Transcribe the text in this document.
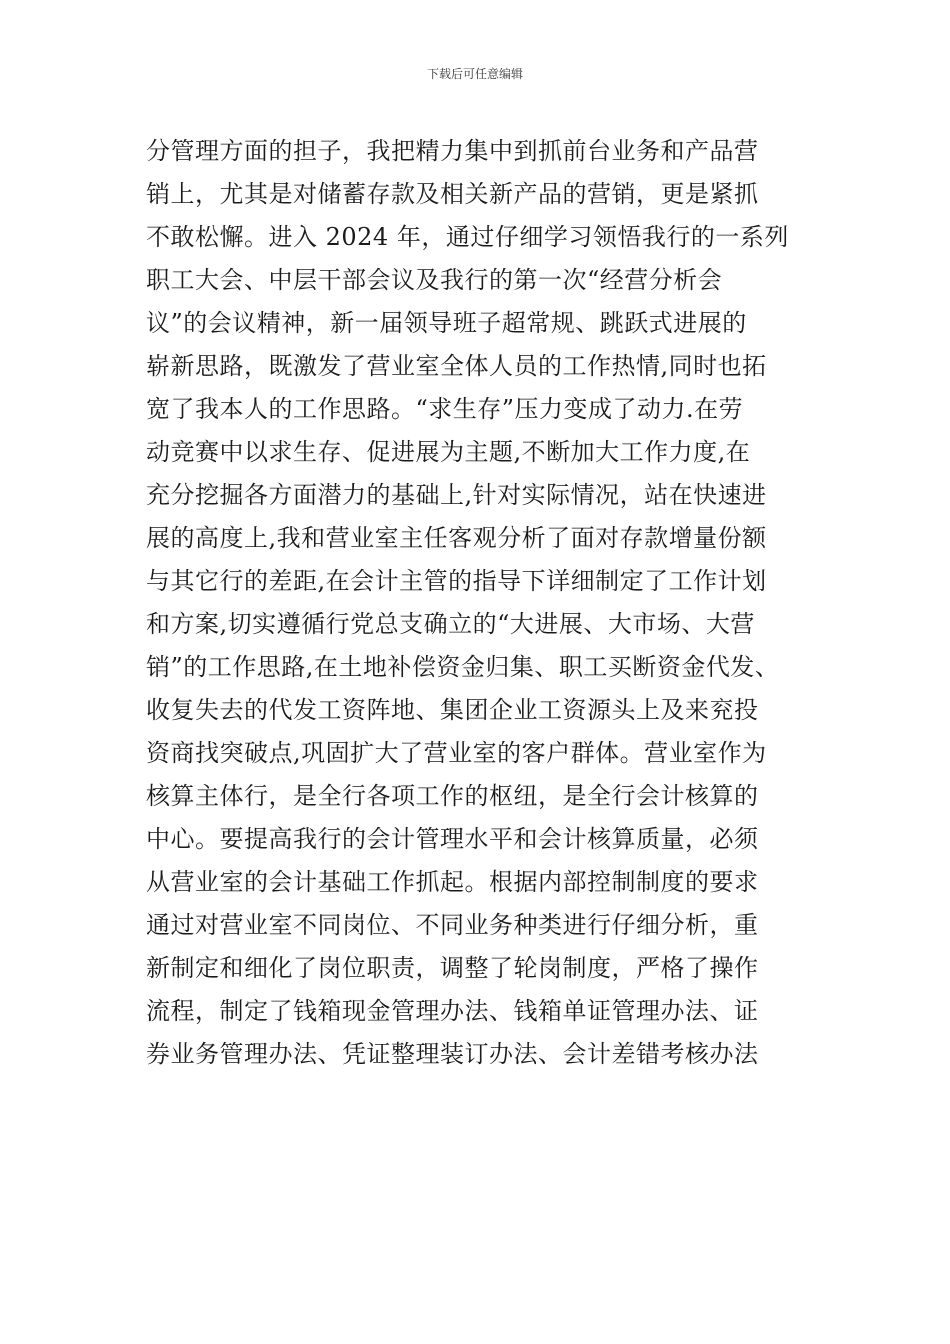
下载后可任意编辑
分管理方面的担子，我把精力集中到抓前台业务和产品营
销上，尤其是对储蓄存款及相关新产品的营销，更是紧抓
不敢松懈。进入 2024 年，通过仔细学习领悟我行的一系列
职工大会、中层干部会议及我行的第一次“经营分析会
议”的会议精神，新一届领导班子超常规、跳跃式进展的
崭新思路，既激发了营业室全体人员的工作热情,同时也拓
宽了我本人的工作思路。“求生存”压力变成了动力.在劳
动竞赛中以求生存、促进展为主题,不断加大工作力度,在
充分挖掘各方面潜力的基础上,针对实际情况，站在快速进
展的高度上,我和营业室主任客观分析了面对存款增量份额
与其它行的差距,在会计主管的指导下详细制定了工作计划
和方案,切实遵循行党总支确立的“大进展、大市场、大营
销”的工作思路,在土地补偿资金归集、职工买断资金代发、
收复失去的代发工资阵地、集团企业工资源头上及来兖投
资商找突破点,巩固扩大了营业室的客户群体。营业室作为
核算主体行，是全行各项工作的枢纽，是全行会计核算的
中心。要提高我行的会计管理水平和会计核算质量，必须
从营业室的会计基础工作抓起。根据内部控制制度的要求
通过对营业室不同岗位、不同业务种类进行仔细分析，重
新制定和细化了岗位职责，调整了轮岗制度，严格了操作
流程，制定了钱箱现金管理办法、钱箱单证管理办法、证
券业务管理办法、凭证整理装订办法、会计差错考核办法
